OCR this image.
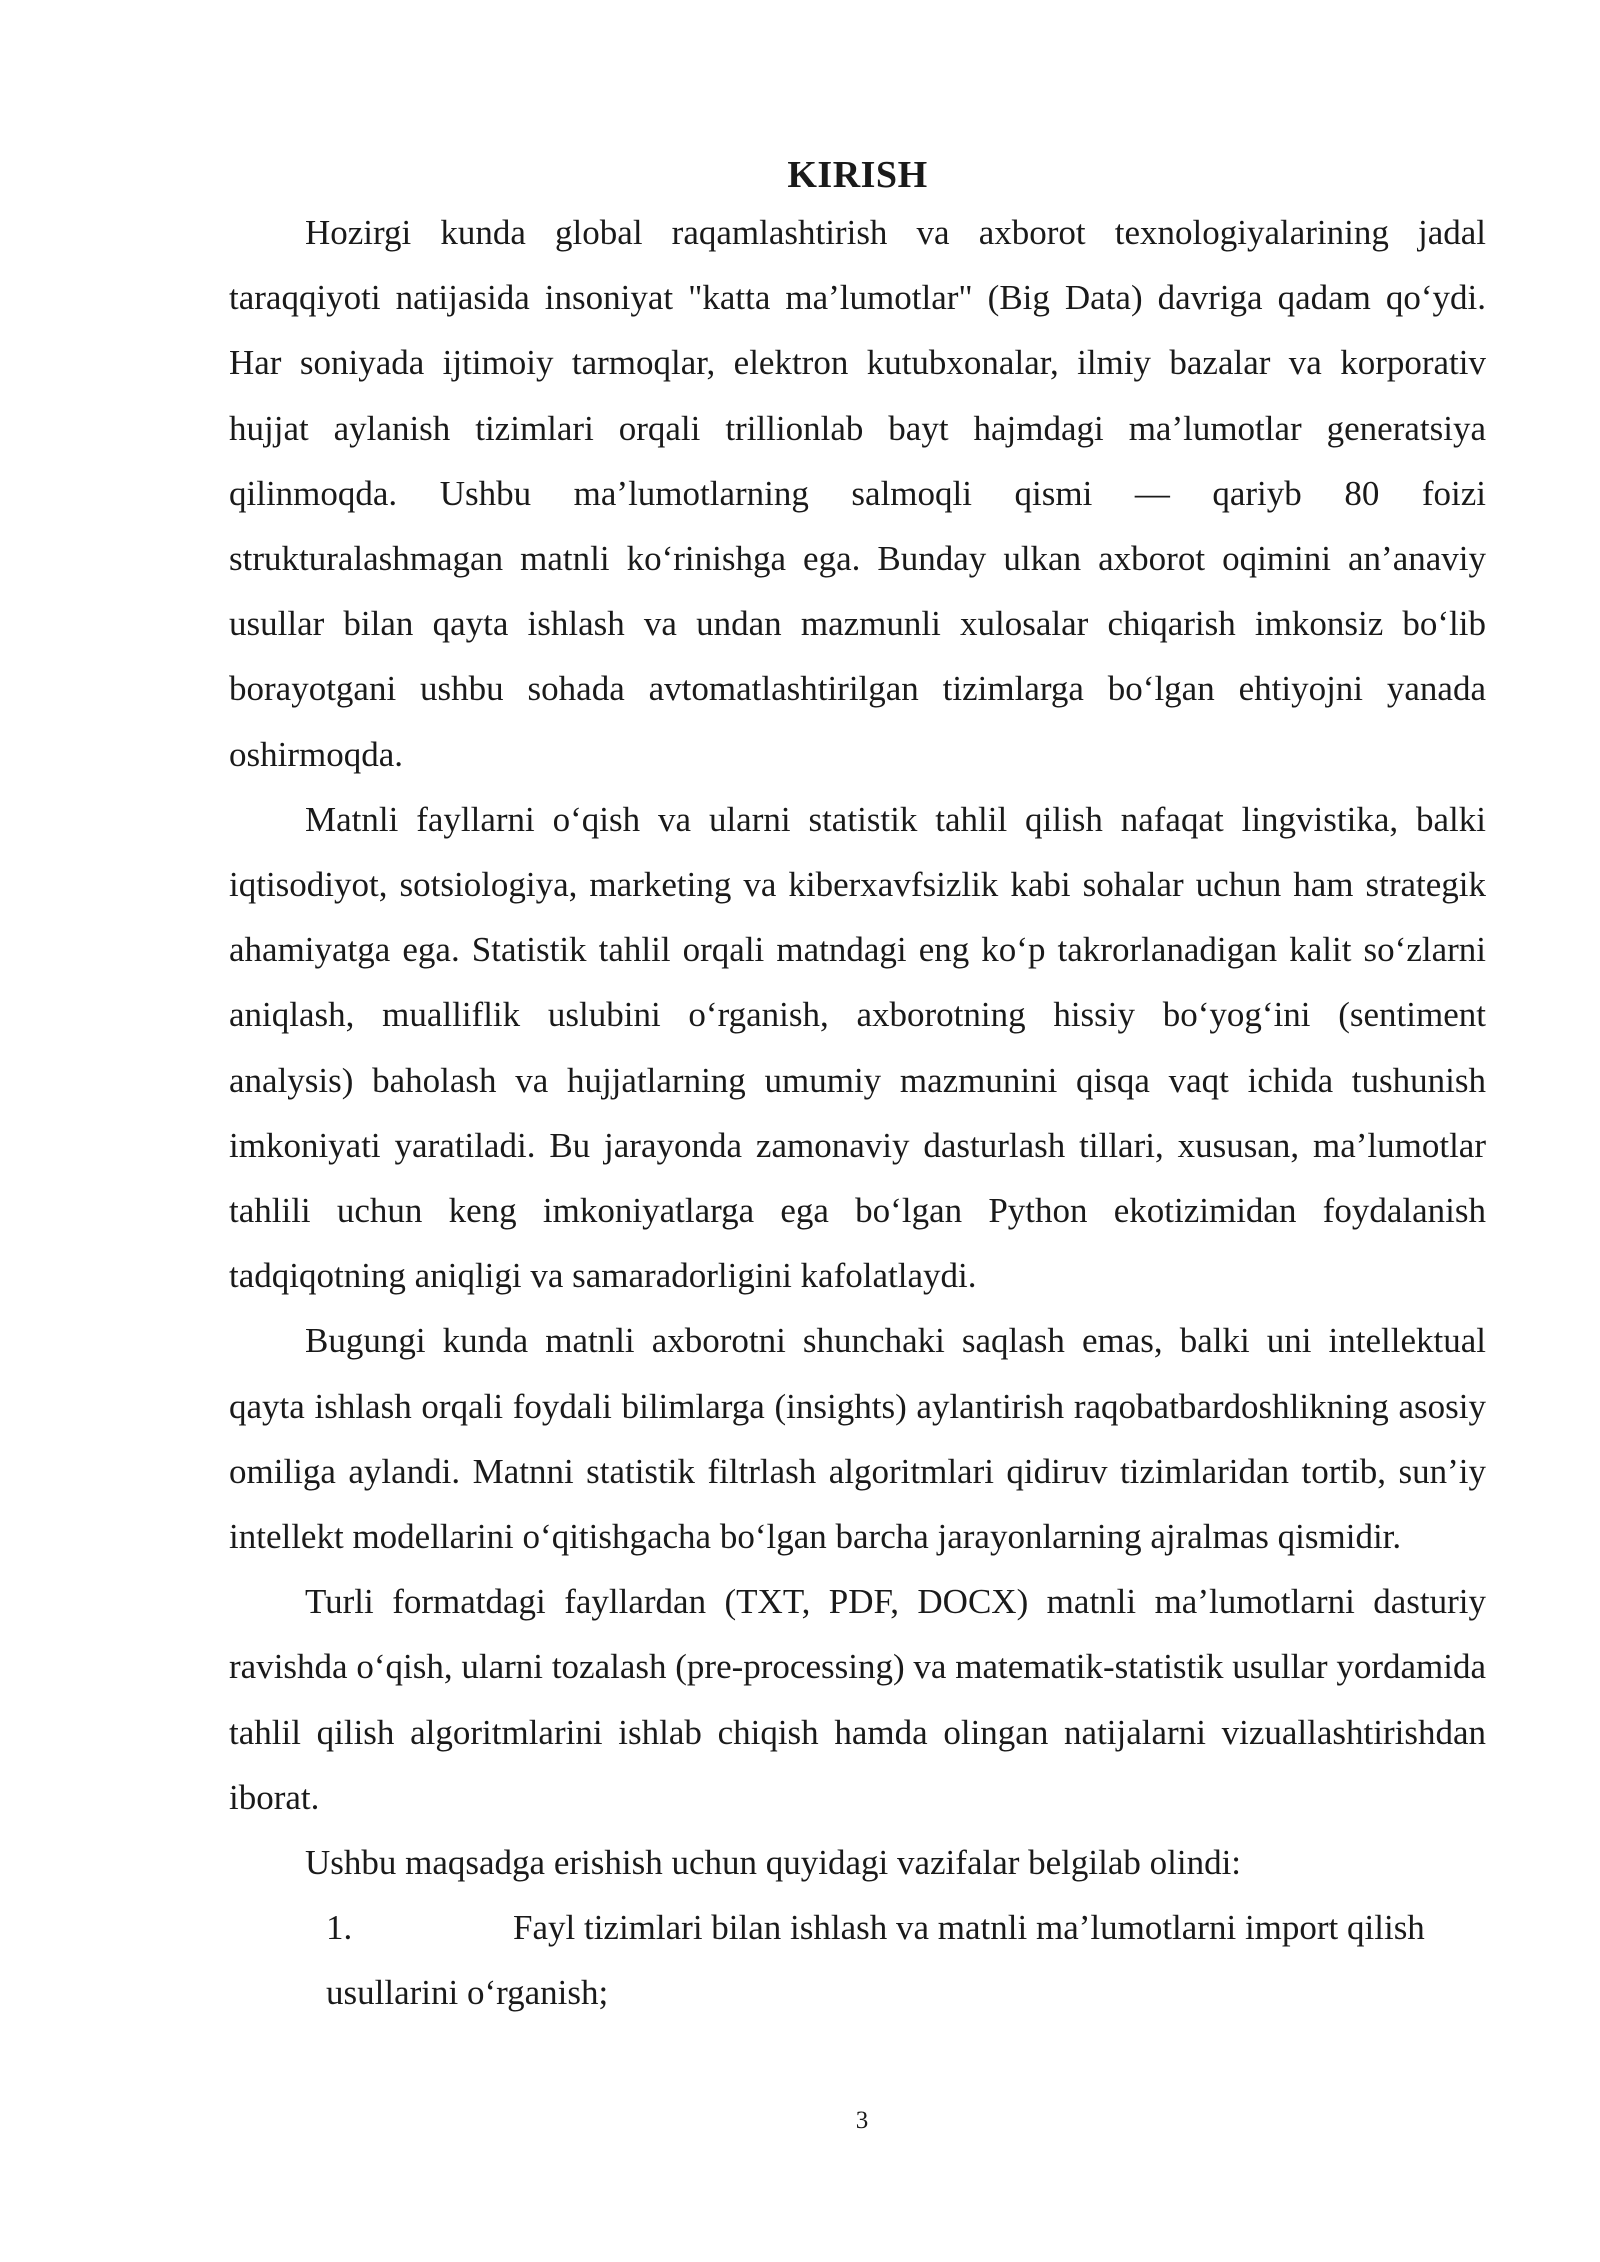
KIRISH

Hozirgi kunda global raqamlashtirish va axborot texnologiyalarining jadal taraqqiyoti natijasida insoniyat "katta ma’lumotlar" (Big Data) davriga qadam qo‘ydi. Har soniyada ijtimoiy tarmoqlar, elektron kutubxonalar, ilmiy bazalar va korporativ hujjat aylanish tizimlari orqali trillionlab bayt hajmdagi ma’lumotlar generatsiya qilinmoqda. Ushbu ma’lumotlarning salmoqli qismi — qariyb 80 foizi strukturalashmagan matnli ko‘rinishga ega. Bunday ulkan axborot oqimini an’anaviy usullar bilan qayta ishlash va undan mazmunli xulosalar chiqarish imkonsiz bo‘lib borayotgani ushbu sohada avtomatlashtirilgan tizimlarga bo‘lgan ehtiyojni yanada oshirmoqda.

Matnli fayllarni o‘qish va ularni statistik tahlil qilish nafaqat lingvistika, balki iqtisodiyot, sotsiologiya, marketing va kiberxavfsizlik kabi sohalar uchun ham strategik ahamiyatga ega. Statistik tahlil orqali matndagi eng ko‘p takrorlanadigan kalit so‘zlarni aniqlash, mualliflik uslubini o‘rganish, axborotning hissiy bo‘yog‘ini (sentiment analysis) baholash va hujjatlarning umumiy mazmunini qisqa vaqt ichida tushunish imkoniyati yaratiladi. Bu jarayonda zamonaviy dasturlash tillari, xususan, ma’lumotlar tahlili uchun keng imkoniyatlarga ega bo‘lgan Python ekotizimidan foydalanish tadqiqotning aniqligi va samaradorligini kafolatlaydi.

Bugungi kunda matnli axborotni shunchaki saqlash emas, balki uni intellektual qayta ishlash orqali foydali bilimlarga (insights) aylantirish raqobatbardoshlikning asosiy omiliga aylandi. Matnni statistik filtrlash algoritmlari qidiruv tizimlaridan tortib, sun’iy intellekt modellarini o‘qitishgacha bo‘lgan barcha jarayonlarning ajralmas qismidir.

Turli formatdagi fayllardan (TXT, PDF, DOCX) matnli ma’lumotlarni dasturiy ravishda o‘qish, ularni tozalash (pre-processing) va matematik-statistik usullar yordamida tahlil qilish algoritmlarini ishlab chiqish hamda olingan natijalarni vizuallashtirishdan iborat.

Ushbu maqsadga erishish uchun quyidagi vazifalar belgilab olindi:

1.	Fayl tizimlari bilan ishlash va matnli ma’lumotlarni import qilish usullarini o‘rganish;
3
